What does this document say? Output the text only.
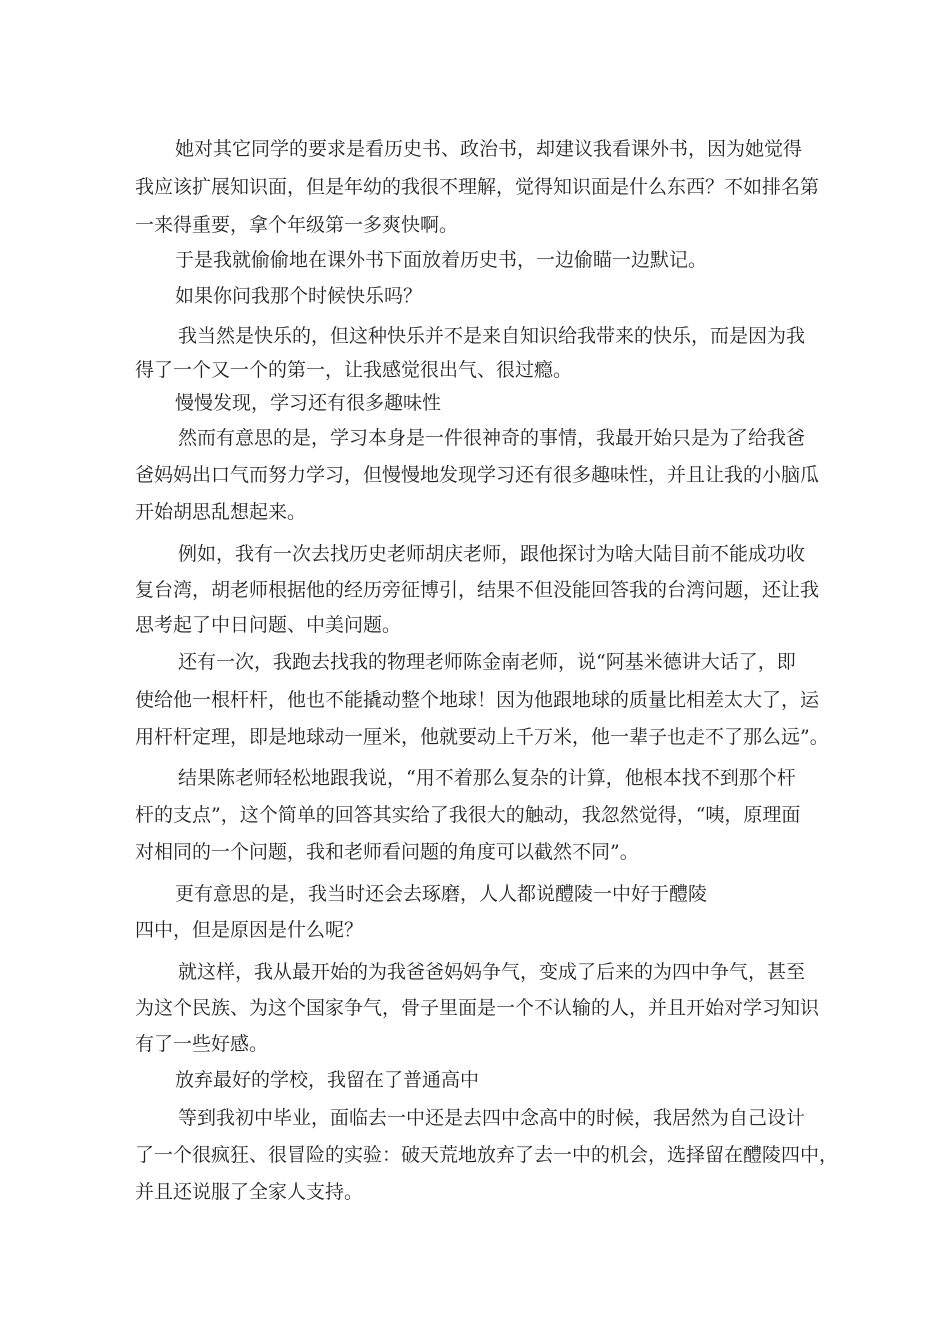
她对其它同学的要求是看历史书、政治书，却建议我看课外书，因为她觉得

我应该扩展知识面，但是年幼的我很不理解，觉得知识面是什么东西？不如排名第

一来得重要，拿个年级第一多爽快啊。

于是我就偷偷地在课外书下面放着历史书，一边偷瞄一边默记。

如果你问我那个时候快乐吗？

我当然是快乐的，但这种快乐并不是来自知识给我带来的快乐，而是因为我

得了一个又一个的第一，让我感觉很出气、很过瘾。

慢慢发现，学习还有很多趣味性

然而有意思的是，学习本身是一件很神奇的事情，我最开始只是为了给我爸

爸妈妈出口气而努力学习，但慢慢地发现学习还有很多趣味性，并且让我的小脑瓜

开始胡思乱想起来。

例如，我有一次去找历史老师胡庆老师，跟他探讨为啥大陆目前不能成功收

复台湾，胡老师根据他的经历旁征博引，结果不但没能回答我的台湾问题，还让我

思考起了中日问题、中美问题。

还有一次，我跑去找我的物理老师陈金南老师，说“阿基米德讲大话了，即

使给他一根杆杆，他也不能撬动整个地球！因为他跟地球的质量比相差太大了，运

用杆杆定理，即是地球动一厘米，他就要动上千万米，他一辈子也走不了那么远”。

结果陈老师轻松地跟我说，“用不着那么复杂的计算，他根本找不到那个杆

杆的支点”，这个简单的回答其实给了我很大的触动，我忽然觉得，“咦，原理面

对相同的一个问题，我和老师看问题的角度可以截然不同”。

更有意思的是，我当时还会去琢磨，人人都说醴陵一中好于醴陵

四中，但是原因是什么呢？

就这样，我从最开始的为我爸爸妈妈争气，变成了后来的为四中争气，甚至

为这个民族、为这个国家争气，骨子里面是一个不认输的人，并且开始对学习知识

有了一些好感。

放弃最好的学校，我留在了普通高中

等到我初中毕业，面临去一中还是去四中念高中的时候，我居然为自己设计

了一个很疯狂、很冒险的实验：破天荒地放弃了去一中的机会，选择留在醴陵四中，

并且还说服了全家人支持。
